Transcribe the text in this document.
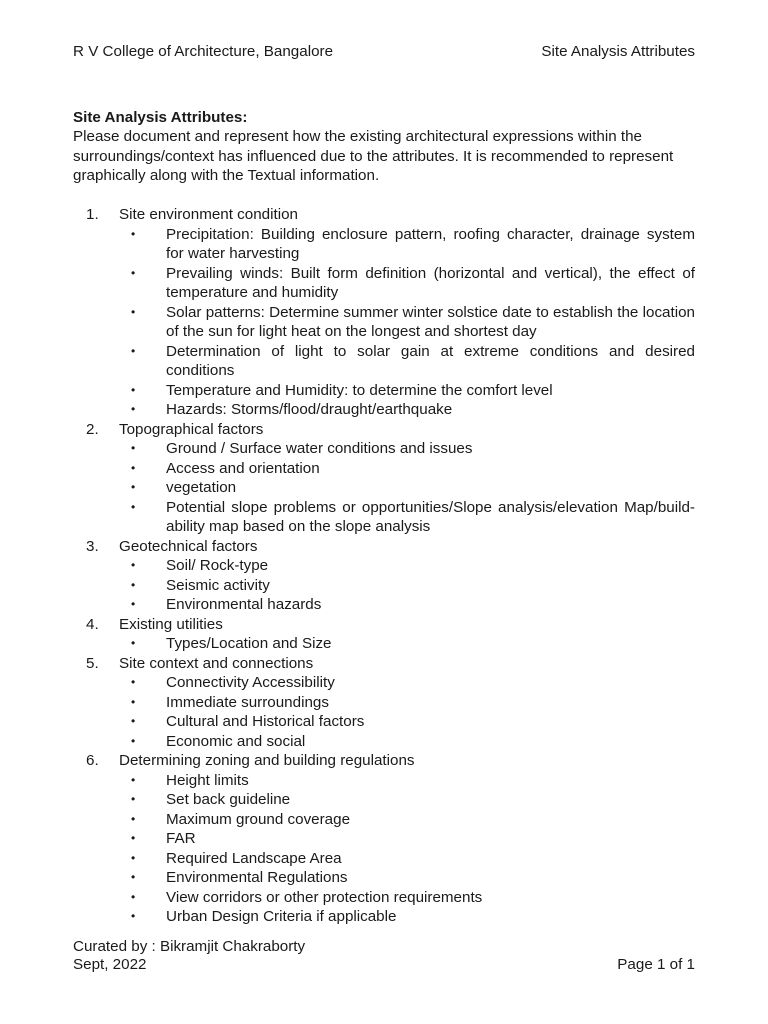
R V College of Architecture, Bangalore	Site Analysis Attributes
Site Analysis Attributes:
Please document and represent how the existing architectural expressions within the surroundings/context has influenced due to the attributes. It is recommended to represent graphically along with the Textual information.
1. Site environment condition
• Precipitation: Building enclosure pattern, roofing character, drainage system for water harvesting
• Prevailing winds: Built form definition (horizontal and vertical), the effect of temperature and humidity
• Solar patterns: Determine summer winter solstice date to establish the location of the sun for light heat on the longest and shortest day
• Determination of light to solar gain at extreme conditions and desired conditions
• Temperature and Humidity: to determine the comfort level
• Hazards: Storms/flood/draught/earthquake
2. Topographical factors
• Ground / Surface water conditions and issues
• Access and orientation
• vegetation
• Potential slope problems or opportunities/Slope analysis/elevation Map/build-ability map based on the slope analysis
3. Geotechnical factors
• Soil/ Rock-type
• Seismic activity
• Environmental hazards
4. Existing utilities
• Types/Location and Size
5. Site context and connections
• Connectivity Accessibility
• Immediate surroundings
• Cultural and Historical factors
• Economic and social
6. Determining zoning and building regulations
• Height limits
• Set back guideline
• Maximum ground coverage
• FAR
• Required Landscape Area
• Environmental Regulations
• View corridors or other protection requirements
• Urban Design Criteria if applicable
Curated by : Bikramjit Chakraborty
Sept, 2022	Page 1 of 1
